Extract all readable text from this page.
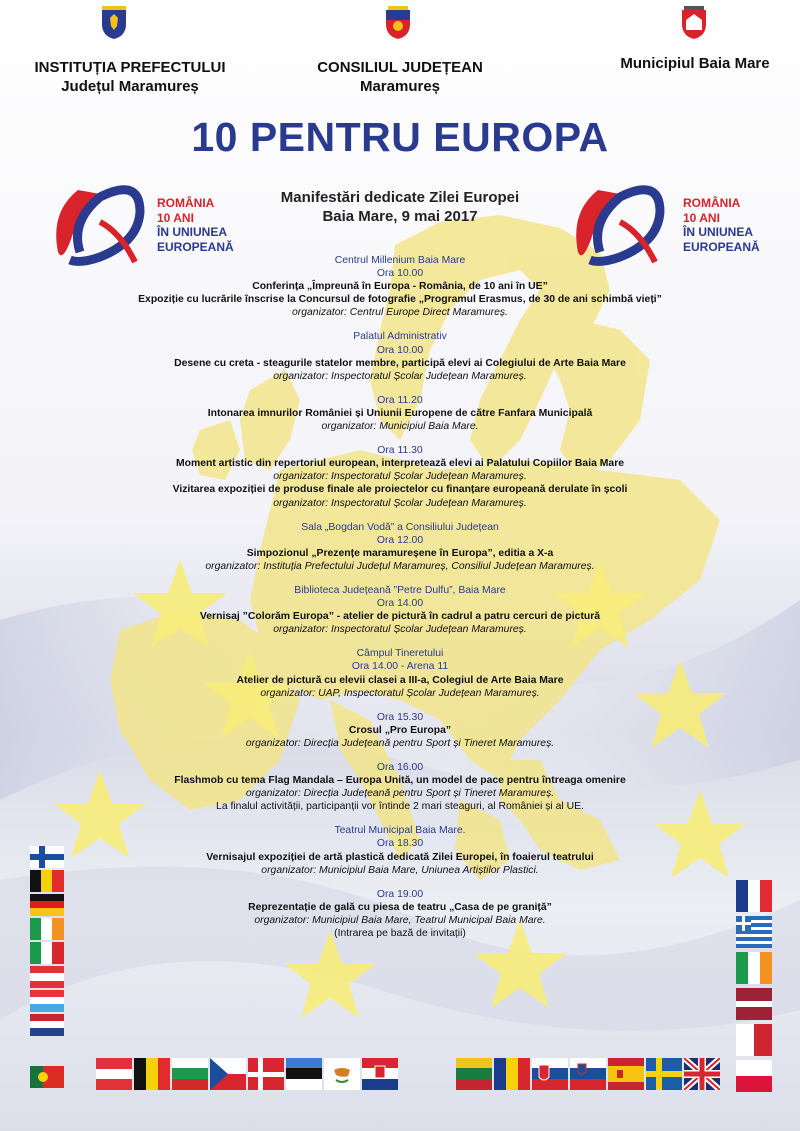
INSTITUȚIA PREFECTULUI
Județul Maramureș
CONSILIUL JUDEȚEAN
Maramureș
Municipiul Baia Mare
10 PENTRU EUROPA
ROMÂNIA
10 ANI
ÎN UNIUNEA
EUROPEANĂ
Manifestări dedicate Zilei Europei
Baia Mare, 9 mai 2017
ROMÂNIA
10 ANI
ÎN UNIUNEA
EUROPEANĂ
Centrul Millenium Baia Mare
Ora 10.00
Conferința „Împreună în Europa - România, de 10 ani în UE”
Expoziție cu lucrările înscrise la Concursul de fotografie „Programul Erasmus, de 30 de ani schimbă vieți”
organizator: Centrul Europe Direct Maramureș.
Palatul Administrativ
Ora 10.00
Desene cu creta - steagurile statelor membre, participă elevi ai Colegiului de Arte Baia Mare
organizator: Inspectoratul Școlar Județean Maramureș.
Ora 11.20
Intonarea imnurilor României și Uniunii Europene de către Fanfara Municipală
organizator: Municipiul Baia Mare.
Ora 11.30
Moment artistic din repertoriul european, interpretează elevi ai Palatului Copiilor Baia Mare
organizator: Inspectoratul Școlar Județean Maramureș.
Vizitarea expoziției de produse finale ale proiectelor cu finanțare europeană derulate în școli
organizator: Inspectoratul Școlar Județean Maramureș.
Sala „Bogdan Vodă” a Consiliului Județean
Ora 12.00
Simpozionul „Prezențe maramureșene în Europa”, editia a X-a
organizator: Instituția Prefectului Județul Maramureș, Consiliul Județean Maramureș.
Biblioteca Județeană ”Petre Dulfu”, Baia Mare
Ora 14.00
Vernisaj ”Colorăm Europa” - atelier de pictură în cadrul a patru cercuri de pictură
organizator: Inspectoratul Școlar Județean Maramureș.
Câmpul Tineretului
Ora 14.00 - Arena 11
Atelier de pictură cu elevii clasei a III-a, Colegiul de Arte Baia Mare
organizator: UAP, Inspectoratul Școlar Județean Maramureș.
Ora 15.30
Crosul „Pro Europa”
organizator: Direcția Județeană pentru Sport și Tineret Maramureș.
Ora 16.00
Flashmob cu tema Flag Mandala – Europa Unită, un model de pace pentru întreaga omenire
organizator: Direcția Județeană pentru Sport și Tineret Maramureș.
La finalul activității, participanții vor întinde 2 mari steaguri, al României și al UE.
Teatrul Municipal Baia Mare.
Ora 18.30
Vernisajul expoziției de artă plastică dedicată Zilei Europei, în foaierul teatrului
organizator: Municipiul Baia Mare, Uniunea Artiștilor Plastici.
Ora 19.00
Reprezentație de gală cu piesa de teatru „Casa de pe graniță”
organizator: Municipiul Baia Mare, Teatrul Municipal Baia Mare.
(Intrarea pe bază de invitații)
